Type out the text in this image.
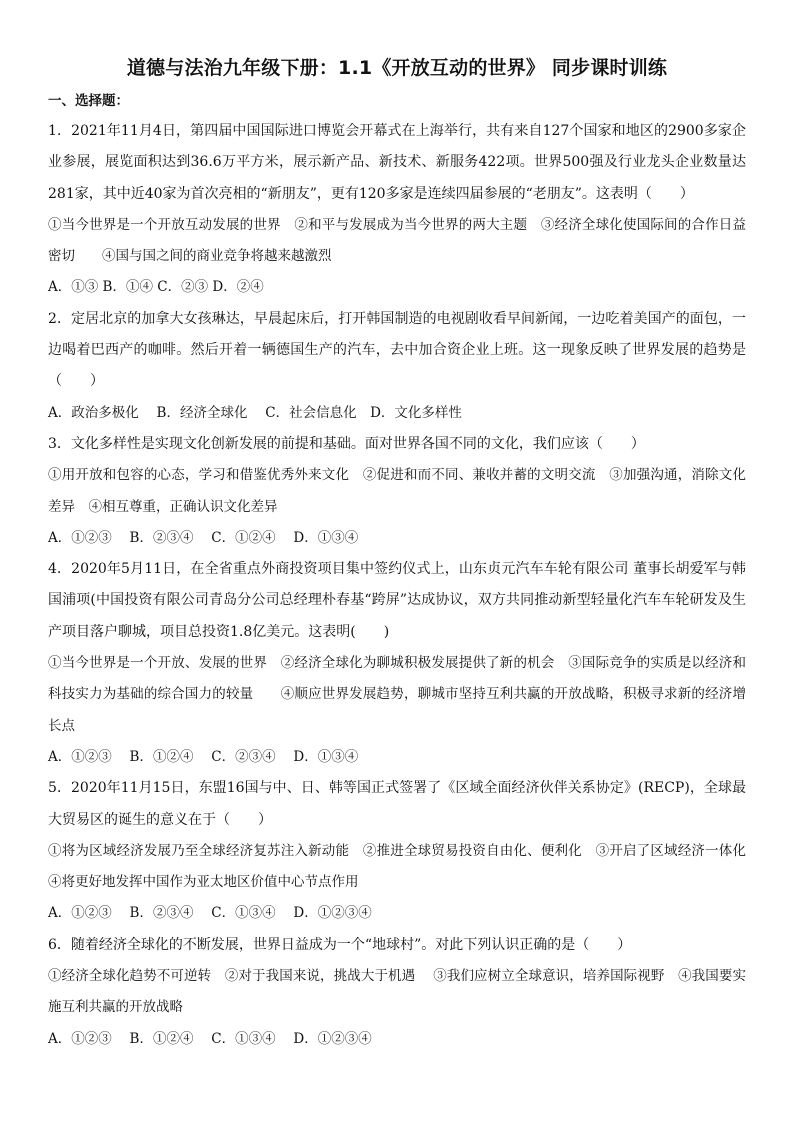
道德与法治九年级下册：1.1《开放互动的世界》 同步课时训练
一、选择题：

1．2021年11月4日，第四届中国国际进口博览会开幕式在上海举行，共有来自127个国家和地区的2900多家企业参展，展览面积达到36.6万平方米，展示新产品、新技术、新服务422项。世界500强及行业龙头企业数量达281家，其中近40家为首次亮相的“新朋友”，更有120多家是连续四届参展的“老朋友”。这表明（　　）

①当今世界是一个开放互动发展的世界　②和平与发展成为当今世界的两大主题　③经济全球化使国际间的合作日益密切　　④国与国之间的商业竞争将越来越激烈

A．①③ B．①④ C．②③ D．②④

2．定居北京的加拿大女孩琳达，早晨起床后，打开韩国制造的电视剧收看早间新闻，一边吃着美国产的面包，一边喝着巴西产的咖啡。然后开着一辆德国生产的汽车，去中加合资企业上班。这一现象反映了世界发展的趋势是（　　）

A．政治多极化　 B．经济全球化　 C．社会信息化　D．文化多样性

3．文化多样性是实现文化创新发展的前提和基础。面对世界各国不同的文化，我们应该（　　）

①用开放和包容的心态，学习和借鉴优秀外来文化　②促进和而不同、兼收并蓄的文明交流　③加强沟通，消除文化差异　④相互尊重，正确认识文化差异

A．①②③　 B．②③④　 C．①②④　 D．①③④

4．2020年5月11日，在全省重点外商投资项目集中签约仪式上，山东贞元汽车车轮有限公司 董事长胡爱军与韩国浦项(中国投资有限公司青岛分公司总经理朴春基“跨屏”达成协议，双方共同推动新型轻量化汽车车轮研发及生产项目落户聊城，项目总投资1.8亿美元。这表明(　　)

①当今世界是一个开放、发展的世界　②经济全球化为聊城积极发展提供了新的机会　③国际竞争的实质是以经济和科技实力为基础的综合国力的较量　　④顺应世界发展趋势，聊城市坚持互利共赢的开放战略，积极寻求新的经济增长点

A．①②③　 B．①②④　 C．②③④　 D．①③④

5．2020年11月15日，东盟16国与中、日、韩等国正式签署了《区域全面经济伙伴关系协定》(RECP)，全球最大贸易区的诞生的意义在于（　　）

①将为区域经济发展乃至全球经济复苏注入新动能　②推进全球贸易投资自由化、便利化　③开启了区域经济一体化　④将更好地发挥中国作为亚太地区价值中心节点作用

A．①②③　 B．②③④　 C．①③④　 D．①②③④

6．随着经济全球化的不断发展，世界日益成为一个“地球村”。对此下列认识正确的是（　　）

①经济全球化趋势不可逆转　②对于我国来说，挑战大于机遇　 ③我们应树立全球意识，培养国际视野　④我国要实施互利共赢的开放战略

A．①②③　 B．①②④　 C．①③④　 D．①②③④
